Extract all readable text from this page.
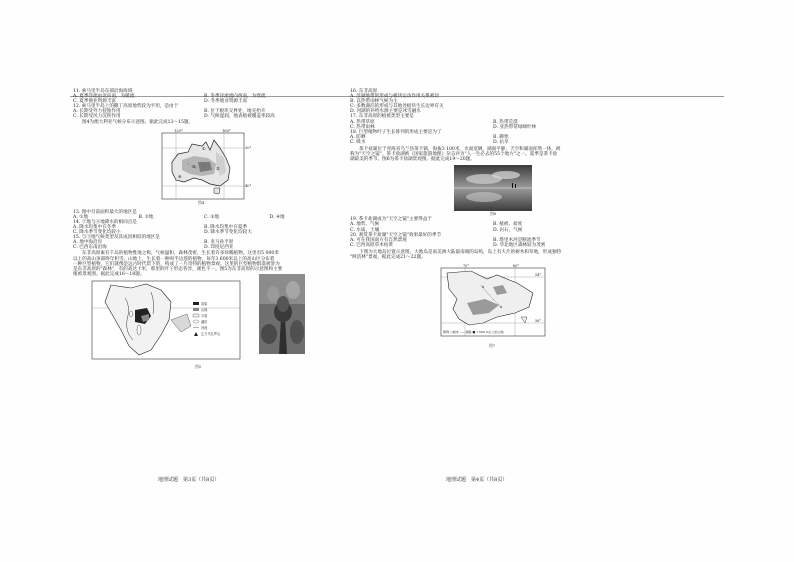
11. 索马里半岛东部沿海海域
A. 夏季洋流由北向南，为暖流	B. 冬季洋流流向西南，为寒流
C. 夏季渔业资源丰富	D. 冬季渔业资源丰富
12. 索马里半岛上的撒丁高原地势较为平坦，是由于
A. 长期受外力侵蚀作用	B. 位于板块交界处，地壳抬升
C. 长期受风力沉积作用	D. 气候湿润，地表植被覆盖率较高
图4为澳大利亚气候分布示意图。据此完成13～15题。
120°	160°
20°
40°
①
②
③
④
图4
13. 图中目前面积最大的地区是
A. ①地	B. ②地	C. ③地	D. ④地
14. ②地与④地降水的相同点是
A. 降水均集中在冬季	B. 降水均集中在夏季
C. 降水季节变化均较小	D. 降水季节变化均较大
15. 与③地气候类型及其成因相似的地区是
A. 地中海沿岸	B. 亚马孙平原
C. 巴西东南沿海	D. 印度尼西亚
东非高原素有千岛的植物胜地之称，气候温和，森林茂密，生长着许多珍稀植物。这里有5 000米
以上的高山顶部终年积雪。山地上，生长着一种叫半边莲的植物，每年3 600米以上的高山区分布着
一种巨型植物，它们就像是远古时代留下的，构成了一片奇特的植物景观。这里的巨型植物群落被誉为
是东非高原的"森林"，有的高达十米，那里的叶子形态各异，颜色不一。图5为东非高原的示意图和主要
植被景观图。据此完成16～18题。
高原
山地
平原
湖泊
河流
乞力马扎罗山
图5
地理试题　第3页（共8页）
16. 东非高原
A. 沿湖地带的形成与板块运动作用关系密切
B. 以热带雨林气候为主
C. 多数湖泊的形成与其地处板块生长边界有关
D. 河湖的补给水源主要是冰雪融水
17. 东非高原的植被类型主要是
A. 热带草原	B. 热带荒漠
C. 热带雨林	D. 亚热带常绿阔叶林
18. 巨型植物叶子生长排列的形成主要是为了
A. 防晒	B. 御寒
C. 吸水	D. 抗旱
茶卡盐湖位于青海省乌兰县茶卡镇，海拔3 100米，水面宽阔，湖面平静，天空和湖面浑然一体，被
称为"天空之镜"。茶卡盐湖被《国家旅游地理》杂志评为"人一生必去的55个地方"之一。夏季是茶卡盐
湖最美的季节。图6为茶卡盐湖景观图。据此完成19～20题。
图6
19. 茶卡盐湖成为"天空之镜"主要得益于
A. 地势、气候	B. 植被、盐度
C. 水质、土壤	D. 岩石、气候
20. 观赏茶卡盐湖"天空之镜"效果最好的季节
A. 可在我国南方有自然景观	B. 塔里木河是断流季节
C. 巴西高原草木枯黄	D. 华北地区森林较为茂密
下图为大地岛位置示意图，大地岛是南美洲大陆最南端的岛屿，岛上有大片的树木和草地，形成独特
"鲜活林"景观。据此完成21～22题。
70°	60°
54°
56°
图例 ○城市 ——道路 ■ 1 000 m以上的山地
图7
地理试题　第4页（共8页）
